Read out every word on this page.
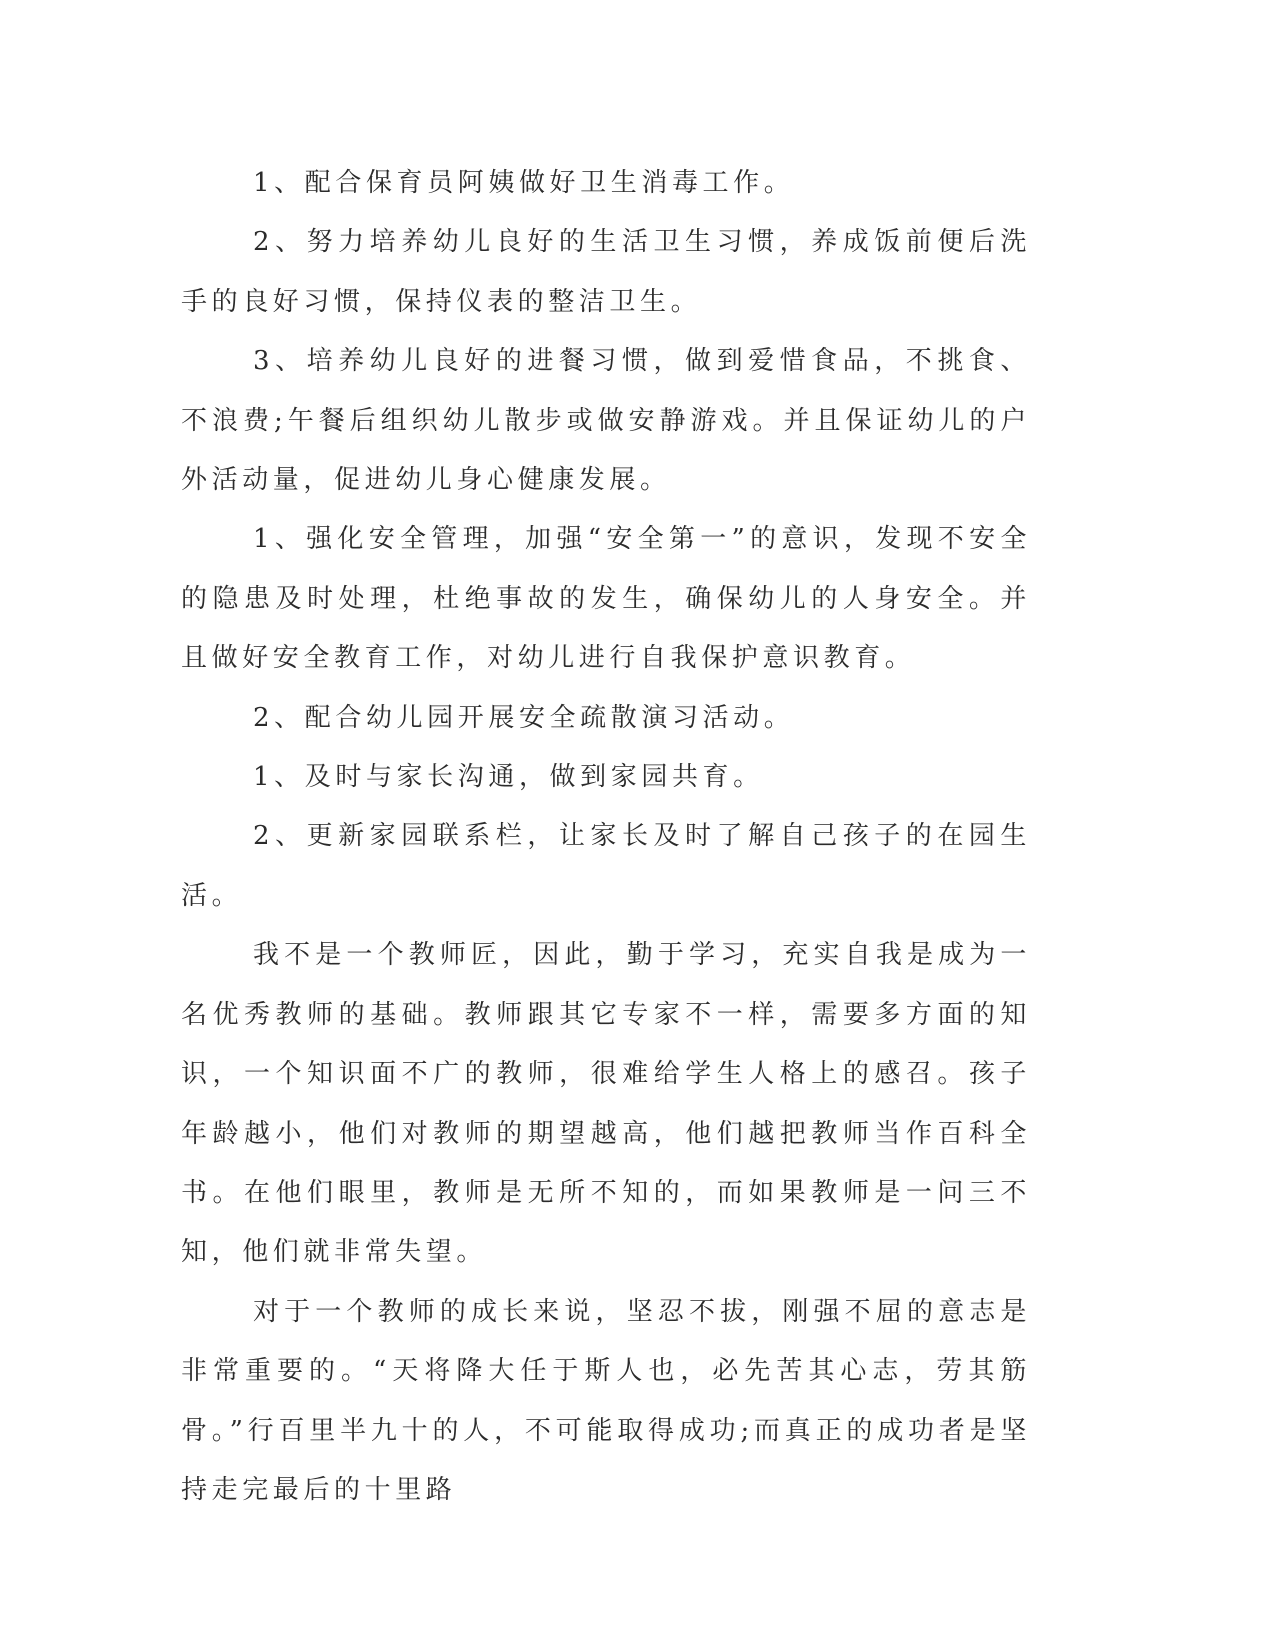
1、配合保育员阿姨做好卫生消毒工作。

2、努力培养幼儿良好的生活卫生习惯，养成饭前便后洗手的良好习惯，保持仪表的整洁卫生。

3、培养幼儿良好的进餐习惯，做到爱惜食品，不挑食、不浪费;午餐后组织幼儿散步或做安静游戏。并且保证幼儿的户外活动量，促进幼儿身心健康发展。

1、强化安全管理，加强“安全第一”的意识，发现不安全的隐患及时处理，杜绝事故的发生，确保幼儿的人身安全。并且做好安全教育工作，对幼儿进行自我保护意识教育。

2、配合幼儿园开展安全疏散演习活动。

1、及时与家长沟通，做到家园共育。

2、更新家园联系栏，让家长及时了解自己孩子的在园生活。

我不是一个教师匠，因此，勤于学习，充实自我是成为一名优秀教师的基础。教师跟其它专家不一样，需要多方面的知识，一个知识面不广的教师，很难给学生人格上的感召。孩子年龄越小，他们对教师的期望越高，他们越把教师当作百科全书。在他们眼里，教师是无所不知的，而如果教师是一问三不知，他们就非常失望。

对于一个教师的成长来说，坚忍不拔，刚强不屈的意志是非常重要的。“天将降大任于斯人也，必先苦其心志，劳其筋骨。”行百里半九十的人，不可能取得成功;而真正的成功者是坚持走完最后的十里路
